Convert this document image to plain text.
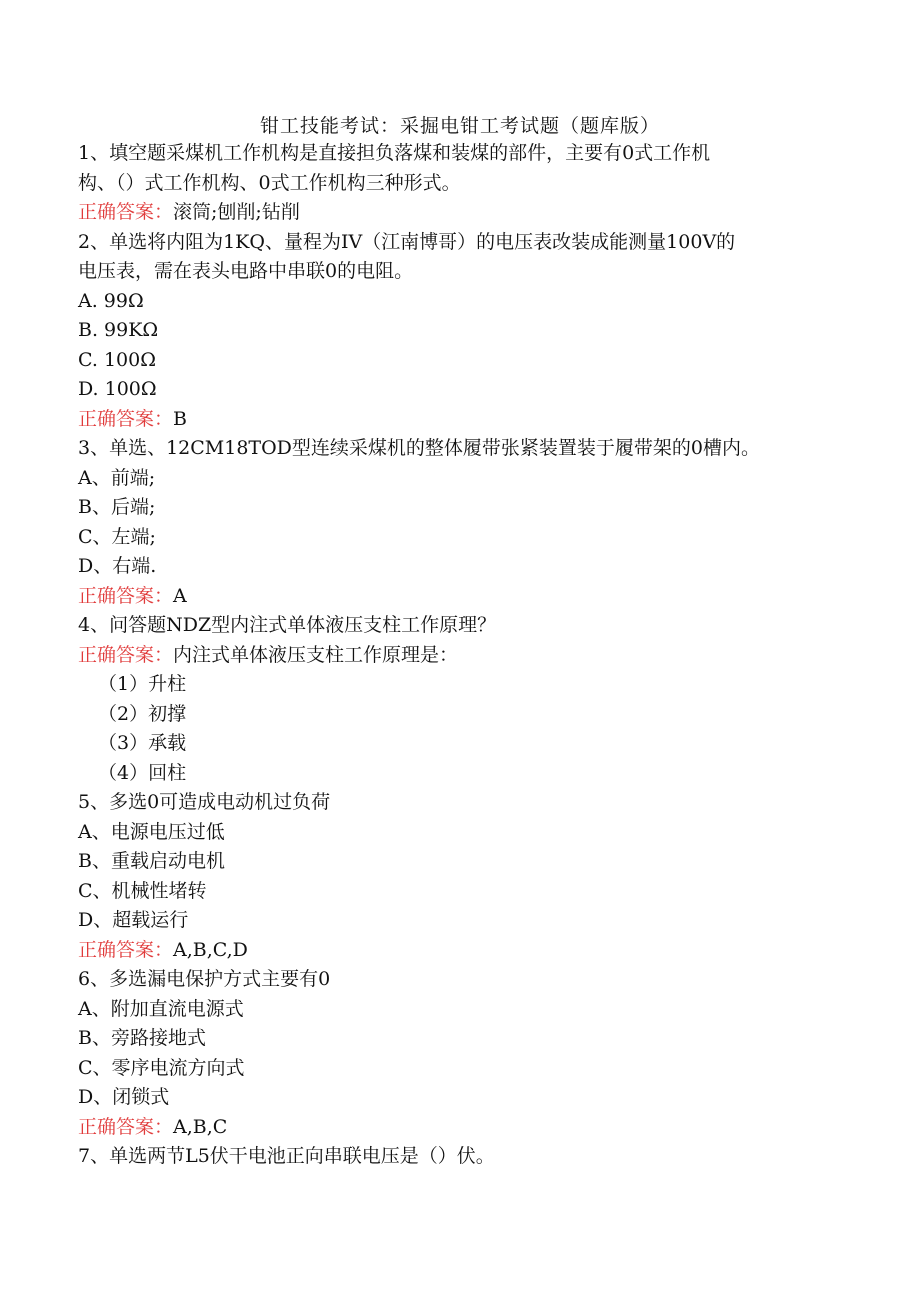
钳工技能考试：采掘电钳工考试题（题库版）
1、填空题采煤机工作机构是直接担负落煤和装煤的部件，主要有0式工作机
构、（）式工作机构、0式工作机构三种形式。
正确答案：滚筒;刨削;钻削
2、单选将内阻为1KQ、量程为IV（江南博哥）的电压表改装成能测量100V的
电压表，需在表头电路中串联0的电阻。
A. 99Ω
B. 99KΩ
C. 100Ω
D. 100Ω
正确答案：B
3、单选、12CM18TOD型连续采煤机的整体履带张紧装置装于履带架的0槽内。
A、前端;
B、后端;
C、左端;
D、右端.
正确答案：A
4、问答题NDZ型内注式单体液压支柱工作原理？
正确答案：内注式单体液压支柱工作原理是：
（1）升柱
（2）初撑
（3）承载
（4）回柱
5、多选0可造成电动机过负荷
A、电源电压过低
B、重载启动电机
C、机械性堵转
D、超载运行
正确答案：A,B,C,D
6、多选漏电保护方式主要有0
A、附加直流电源式
B、旁路接地式
C、零序电流方向式
D、闭锁式
正确答案：A,B,C
7、单选两节L5伏干电池正向串联电压是（）伏。
